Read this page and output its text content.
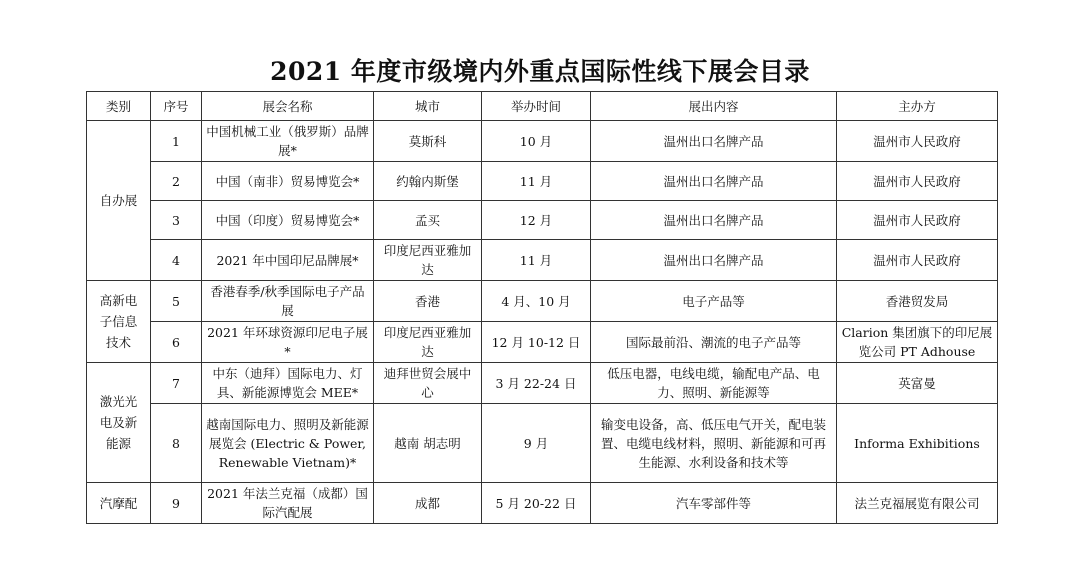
2021 年度市级境内外重点国际性线下展会目录
类别	序号	展会名称	城市	举办时间	展出内容	主办方
自办展	1	中国机械工业（俄罗斯）品牌展*	莫斯科	10 月	温州出口名牌产品	温州市人民政府
	2	中国（南非）贸易博览会*	约翰内斯堡	11 月	温州出口名牌产品	温州市人民政府
	3	中国（印度）贸易博览会*	孟买	12 月	温州出口名牌产品	温州市人民政府
	4	2021 年中国印尼品牌展*	印度尼西亚雅加达	11 月	温州出口名牌产品	温州市人民政府
高新电子信息技术	5	香港春季/秋季国际电子产品展	香港	4 月、10 月	电子产品等	香港贸发局
	6	2021 年环球资源印尼电子展*	印度尼西亚雅加达	12 月 10-12 日	国际最前沿、潮流的电子产品等	Clarion 集团旗下的印尼展览公司 PT Adhouse
激光光电及新能源	7	中东（迪拜）国际电力、灯具、新能源博览会 MEE*	迪拜世贸会展中心	3 月 22-24 日	低压电器，电线电缆，输配电产品、电力、照明、新能源等	英富曼
	8	越南国际电力、照明及新能源展览会 (Electric & Power, Renewable Vietnam)*	越南 胡志明	9 月	输变电设备，高、低压电气开关，配电装置、电缆电线材料，照明、新能源和可再生能源、水利设备和技术等	Informa Exhibitions
汽摩配	9	2021 年法兰克福（成都）国际汽配展	成都	5 月 20-22 日	汽车零部件等	法兰克福展览有限公司
